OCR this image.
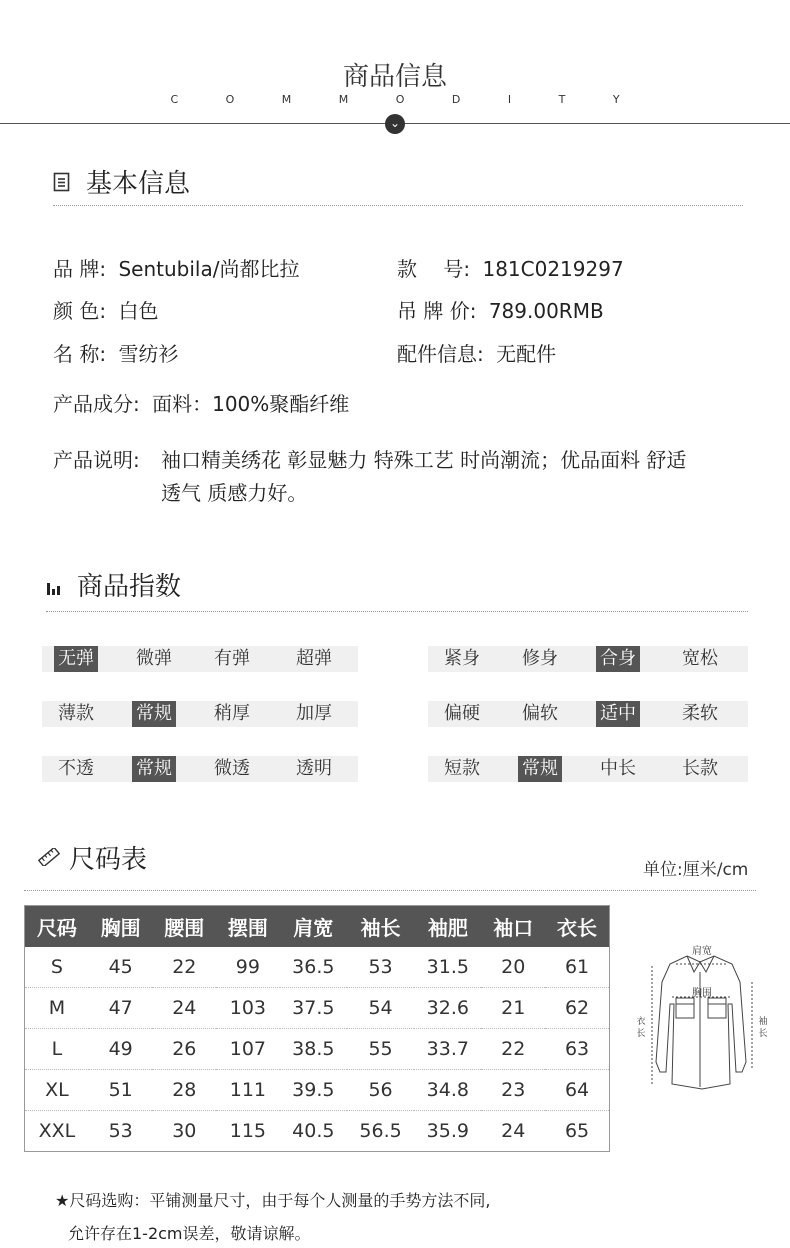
商品信息
C O M M O D I T Y
⌄
基本信息
品 牌: Sentubila/尚都比拉	款　 号: 181C0219297
颜 色: 白色	吊 牌 价: 789.00RMB
名 称: 雪纺衫	配件信息: 无配件
产品成分: 面料：100%聚酯纤维
产品说明: 袖口精美绣花 彰显魅力 特殊工艺 时尚潮流；优品面料 舒适
透气 质感力好。
商品指数
无弹	微弹	有弹	超弹	紧身	修身	合身	宽松
薄款	常规	稍厚	加厚	偏硬	偏软	适中	柔软
不透	常规	微透	透明	短款	常规	中长	长款
尺码表	单位:厘米/cm
尺码	胸围	腰围	摆围	肩宽	袖长	袖肥	袖口	衣长
S	45	22	99	36.5	53	31.5	20	61
M	47	24	103	37.5	54	32.6	21	62
L	49	26	107	38.5	55	33.7	22	63
XL	51	28	111	39.5	56	34.8	23	64
XXL	53	30	115	40.5	56.5	35.9	24	65
肩宽
胸围
衣
长
袖
长
★尺码选购：平铺测量尺寸，由于每个人测量的手势方法不同,
允许存在1-2cm误差，敬请谅解。
